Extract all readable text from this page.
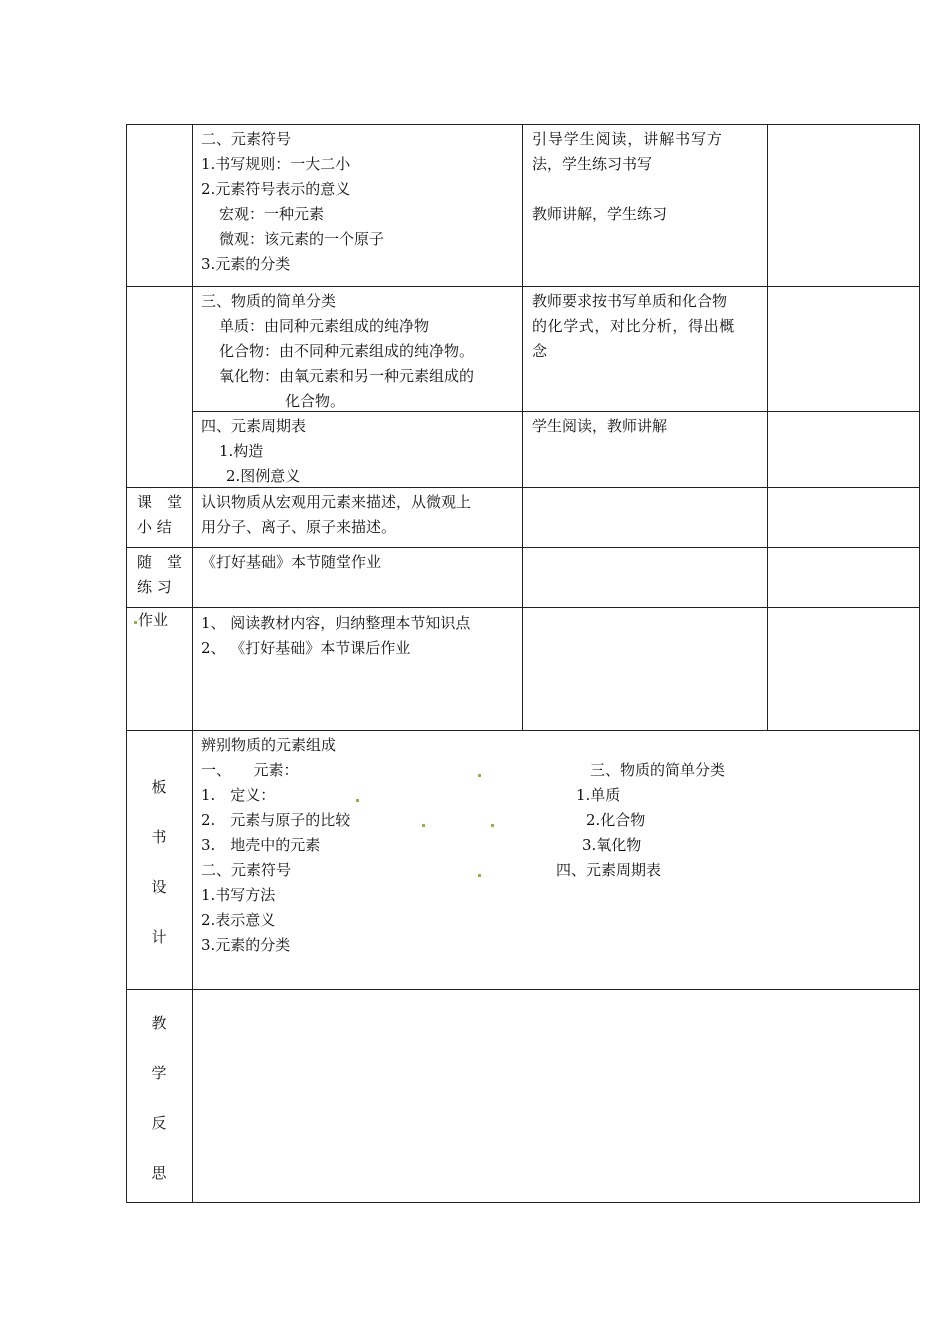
二、元素符号
1.书写规则：一大二小
2.元素符号表示的意义
宏观：一种元素
微观：该元素的一个原子
3.元素的分类
引导学生阅读，讲解书写方
法，学生练习书写
教师讲解，学生练习
三、物质的简单分类
单质：由同种元素组成的纯净物
化合物：由不同种元素组成的纯净物。
氧化物：由氧元素和另一种元素组成的
化合物。
教师要求按书写单质和化合物
的化学式，对比分析，得出概
念
四、元素周期表
1.构造
2.图例意义
学生阅读，教师讲解
课　堂
小 结
认识物质从宏观用元素来描述，从微观上
用分子、离子、原子来描述。
随　堂
练 习
《打好基础》本节随堂作业
作业 1、 阅读教材内容，归纳整理本节知识点
2、 《打好基础》本节课后作业
板
书
设
计
辨别物质的元素组成
一、　　元素：
1.　定义：
2.　元素与原子的比较
3.　地壳中的元素
二、元素符号
1.书写方法
2.表示意义
3.元素的分类
三、物质的简单分类
1.单质
2.化合物
3.氧化物
四、元素周期表
教
学
反
思
